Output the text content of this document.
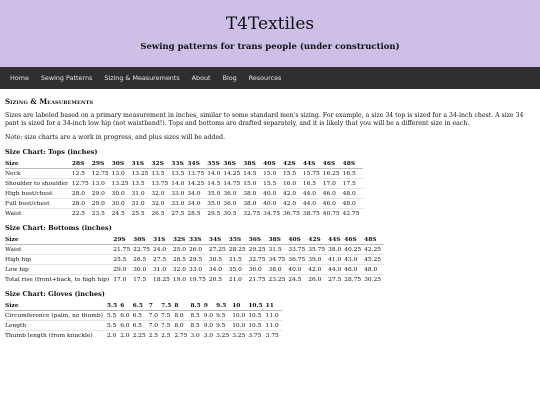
T4Textiles
Sewing patterns for trans people (under construction)
Home	Sewing Patterns	Sizing & Measurements	About	Blog	Resources
Sizing & Measurements

Sizes are labeled based on a primary measurement in inches, similar to some standard men's sizing. For example, a size 34 top is sized for a 34-inch chest. A size 34 pant is sized for a 34-inch low hip (not waistband!). Tops and bottoms are drafted separately, and it is likely that you will be a different size in each.

Note: size charts are a work in progress, and plus sizes will be added.

Size Chart: Tops (inches)
Size	28S	29S	30S	31S	32S	33S	34S	35S	36S	38S	40S	42S	44S	46S	48S
Neck	12.5	12.75	13.0	13.25	13.5	13.5	13.75	14.0	14.25	14.5	15.0	15.5	15.75	16.25	16.5
Shoulder to shoulder	12.75	13.0	13.25	13.5	13.75	14.0	14.25	14.5	14.75	15.0	15.5	16.0	16.5	17.0	17.5
High bust/chest	28.0	29.0	30.0	31.0	32.0	33.0	34.0	35.0	36.0	38.0	40.0	42.0	44.0	46.0	48.0
Full bust/chest	28.0	29.0	30.0	31.0	32.0	33.0	34.0	35.0	36.0	38.0	40.0	42.0	44.0	46.0	48.0
Waist	22.5	23.5	24.5	25.5	26.5	27.5	28.5	29.5	30.5	32.75	34.75	36.75	38.75	40.75	42.75
Size Chart: Bottoms (inches)
Size	29S	30S	31S	32S	33S	34S	35S	36S	38S	40S	42S	44S	46S	48S
Waist	21.75	22.75	24.0	25.0	26.0	27.25	28.25	29.25	31.5	33.75	35.75	38.0	40.25	42.25
High hip	25.5	26.5	27.5	28.5	29.5	30.5	31.5	32.75	34.75	36.75	39.0	41.0	43.0	45.25
Low hip	29.0	30.0	31.0	32.0	33.0	34.0	35.0	36.0	38.0	40.0	42.0	44.0	46.0	48.0
Total rise (front+back, to high hip)	17.0	17.5	18.25	19.0	19.75	20.5	21.0	21.75	23.25	24.5	26.0	27.5	28.75	30.25
Size Chart: Gloves (inches)
Size	5.5	6	6.5	7	7.5	8	8.5	9	9.5	10	10.5	11
Circumference (palm, no thumb)	5.5	6.0	6.5	7.0	7.5	8.0	8.5	9.0	9.5	10.0	10.5	11.0
Length	5.5	6.0	6.5	7.0	7.5	8.0	8.5	9.0	9.5	10.0	10.5	11.0
Thumb length (from knuckle)	2.0	2.0	2.25	2.5	2.5	2.75	3.0	3.0	3.25	3.25	3.75	3.75
